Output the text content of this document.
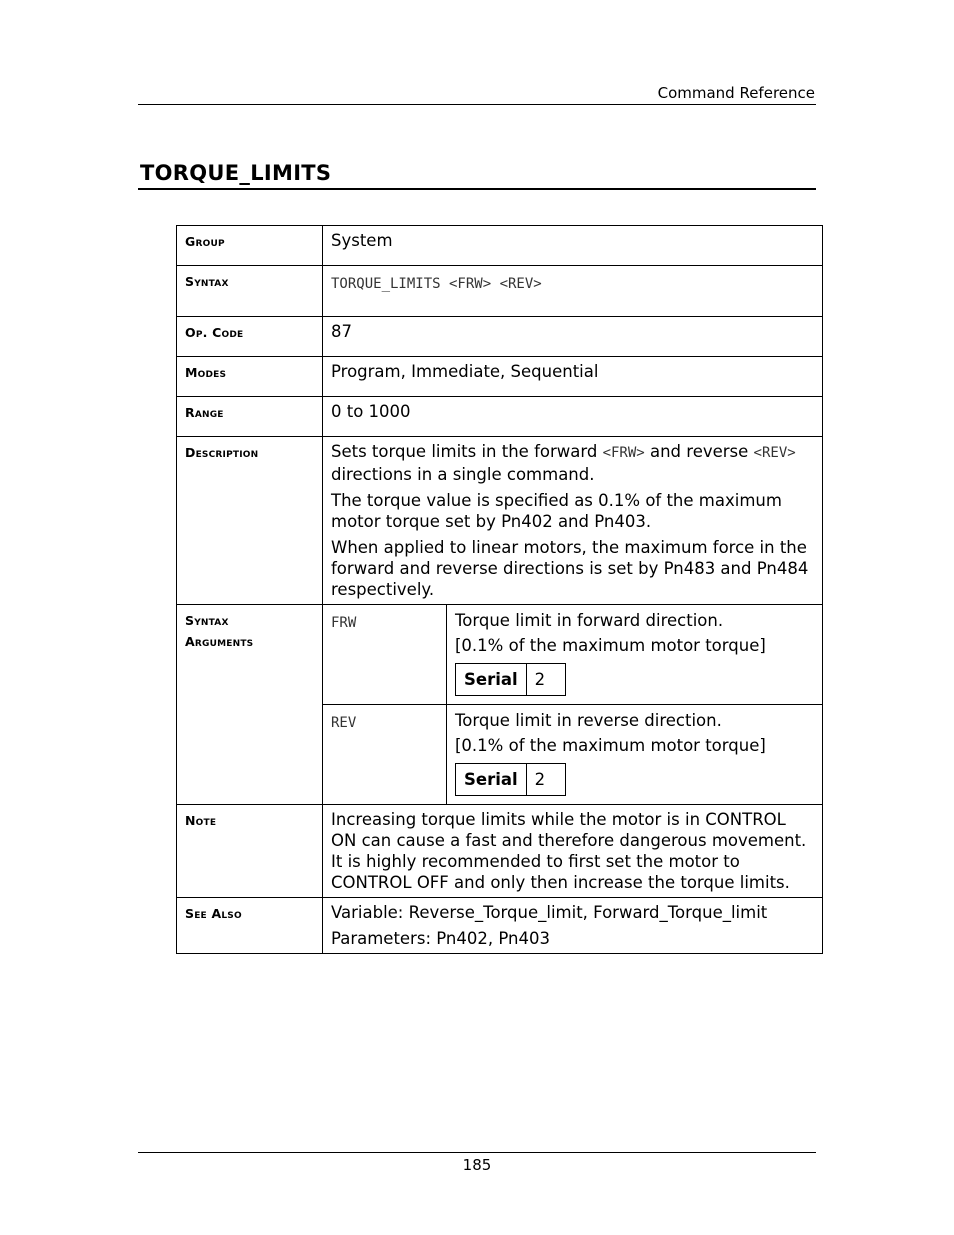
Command Reference
TORQUE_LIMITS
Group	System
Syntax	TORQUE_LIMITS <FRW> <REV>
Op. Code	87
Modes	Program, Immediate, Sequential
Range	0 to 1000
Description	Sets torque limits in the forward <FRW> and reverse <REV> directions in a single command.

The torque value is specified as 0.1% of the maximum motor torque set by Pn402 and Pn403.

When applied to linear motors, the maximum force in the forward and reverse directions is set by Pn483 and Pn484 respectively.

Syntax
Arguments	FRW	Torque limit in forward direction.

[0.1% of the maximum motor torque]

Serial	2

REV	Torque limit in reverse direction.

[0.1% of the maximum motor torque]

Serial	2

Note	Increasing torque limits while the motor is in CONTROL ON can cause a fast and therefore dangerous movement. It is highly recommended to first set the motor to CONTROL OFF and only then increase the torque limits.
See Also	Variable: Reverse_Torque_limit, Forward_Torque_limit

Parameters: Pn402, Pn403

185
